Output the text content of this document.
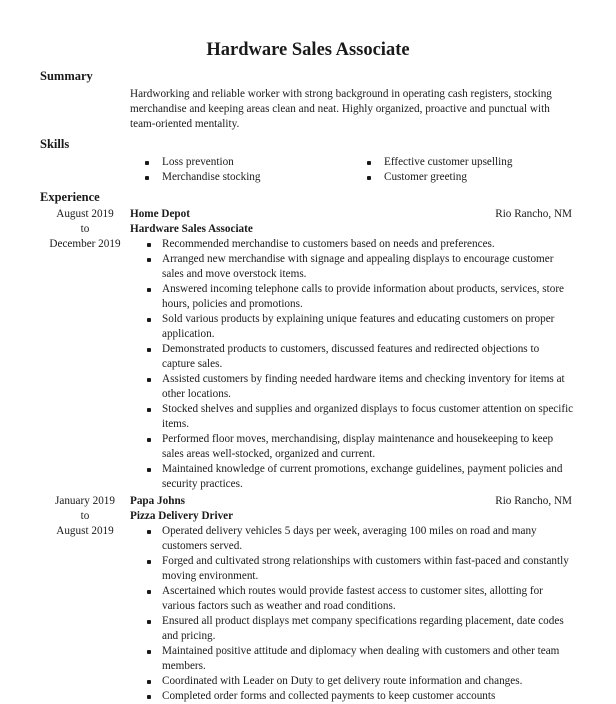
Hardware Sales Associate
Summary
Hardworking and reliable worker with strong background in operating cash registers, stocking merchandise and keeping areas clean and neat. Highly organized, proactive and punctual with team-oriented mentality.
Skills
Loss prevention	Effective customer upselling
Merchandise stocking	Customer greeting
Experience
August 2019
to
December 2019
Home Depot	Rio Rancho, NM
Hardware Sales Associate
Recommended merchandise to customers based on needs and preferences.
Arranged new merchandise with signage and appealing displays to encourage customer sales and move overstock items.
Answered incoming telephone calls to provide information about products, services, store hours, policies and promotions.
Sold various products by explaining unique features and educating customers on proper application.
Demonstrated products to customers, discussed features and redirected objections to capture sales.
Assisted customers by finding needed hardware items and checking inventory for items at other locations.
Stocked shelves and supplies and organized displays to focus customer attention on specific items.
Performed floor moves, merchandising, display maintenance and housekeeping to keep sales areas well-stocked, organized and current.
Maintained knowledge of current promotions, exchange guidelines, payment policies and security practices.
January 2019
to
August 2019
Papa Johns	Rio Rancho, NM
Pizza Delivery Driver
Operated delivery vehicles 5 days per week, averaging 100 miles on road and many customers served.
Forged and cultivated strong relationships with customers within fast-paced and constantly moving environment.
Ascertained which routes would provide fastest access to customer sites, allotting for various factors such as weather and road conditions.
Ensured all product displays met company specifications regarding placement, date codes and pricing.
Maintained positive attitude and diplomacy when dealing with customers and other team members.
Coordinated with Leader on Duty to get delivery route information and changes.
Completed order forms and collected payments to keep customer accounts
